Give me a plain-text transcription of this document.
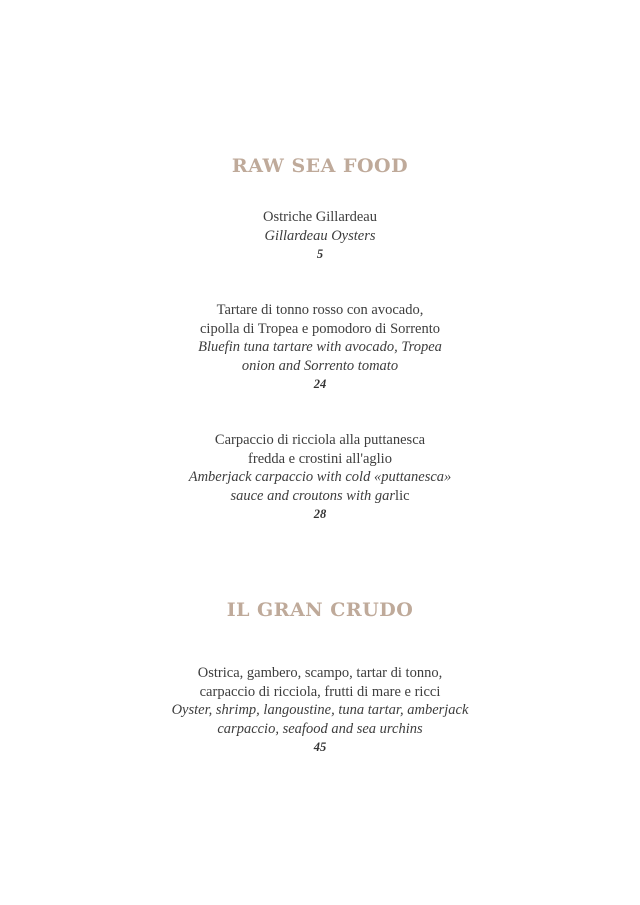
RAW SEA FOOD
Ostriche Gillardeau
Gillardeau Oysters
5
Tartare di tonno rosso con avocado,
cipolla di Tropea e pomodoro di Sorrento
Bluefin tuna tartare with avocado, Tropea
onion and Sorrento tomato
24
Carpaccio di ricciola alla puttanesca
fredda e crostini all'aglio
Amberjack carpaccio with cold «puttanesca»
sauce and croutons with garlic
28
IL GRAN CRUDO
Ostrica, gambero, scampo, tartar di tonno,
carpaccio di ricciola, frutti di mare e ricci
Oyster, shrimp, langoustine, tuna tartar, amberjack
carpaccio, seafood and sea urchins
45
